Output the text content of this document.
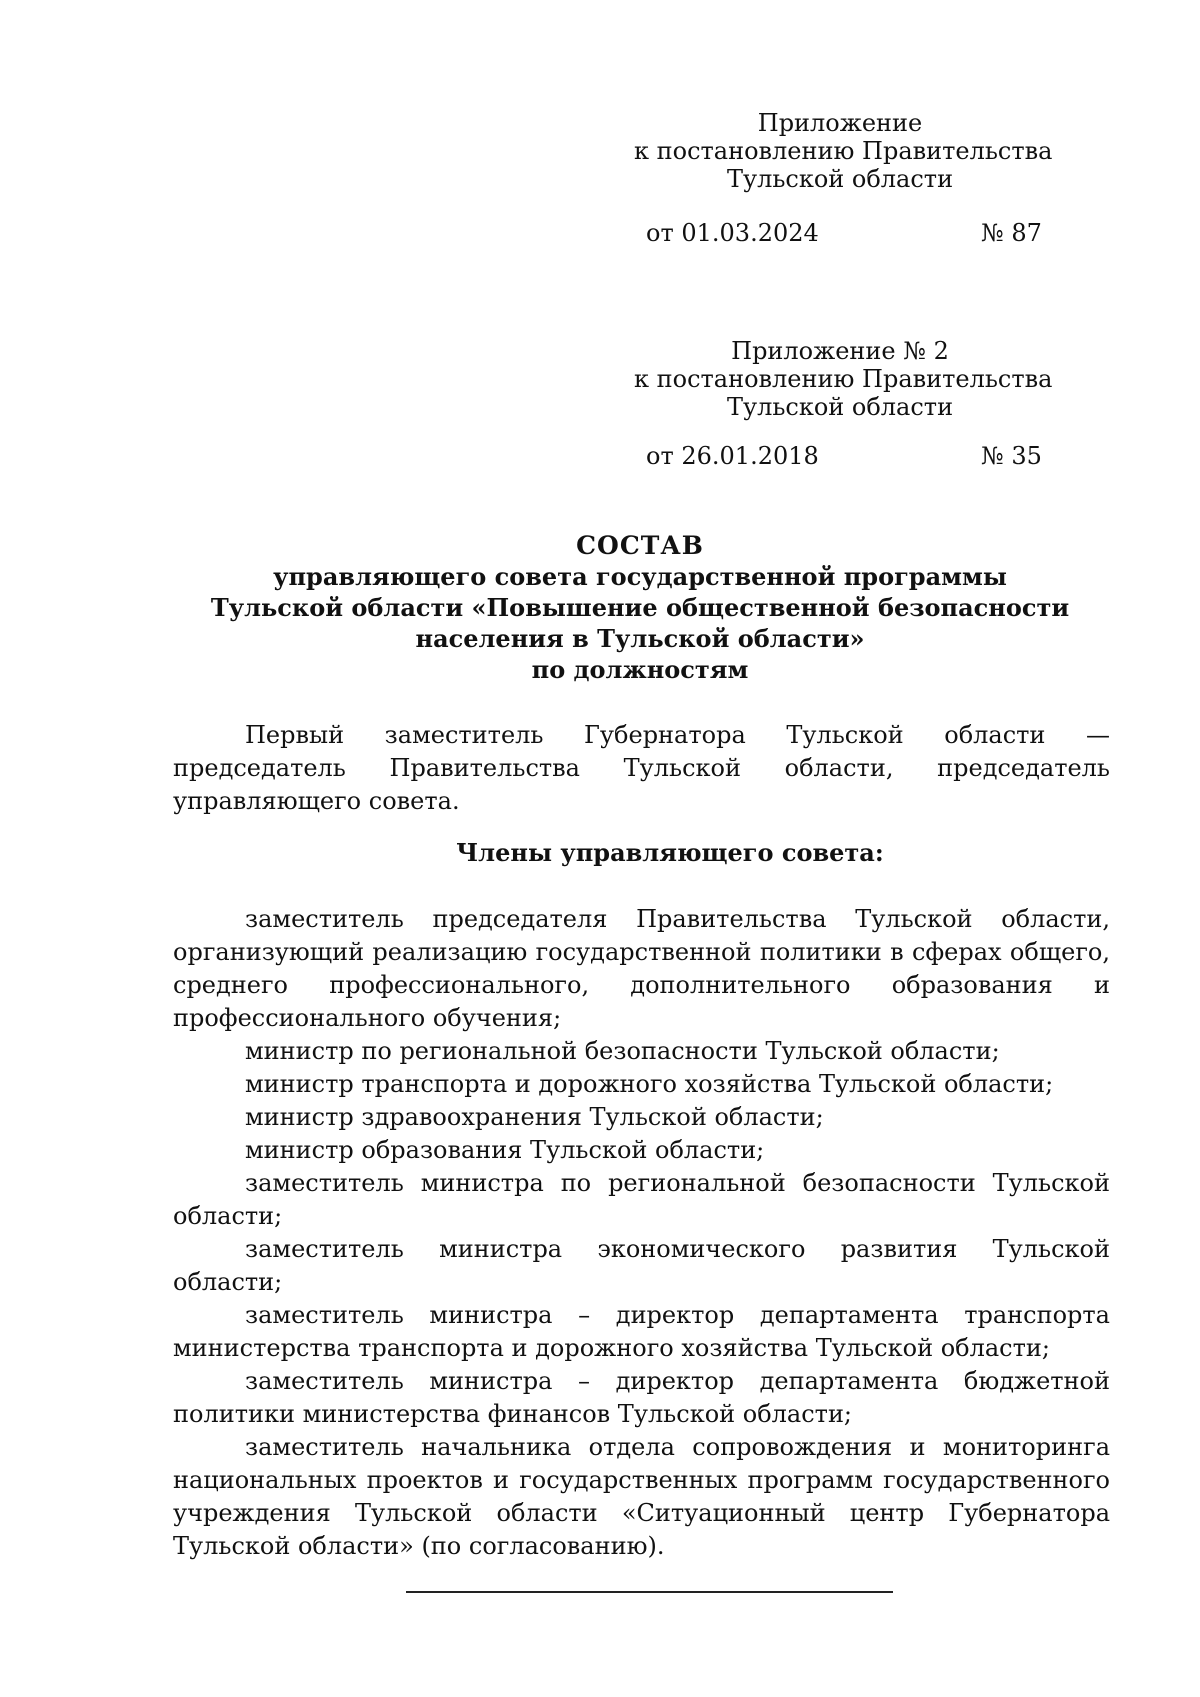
Приложение
к постановлению Правительства
Тульской области
от 01.03.2024	№ 87
Приложение № 2
к постановлению Правительства
Тульской области
от 26.01.2018	№ 35
СОСТАВ
управляющего совета государственной программы
Тульской области «Повышение общественной безопасности
населения в Тульской области»
по должностям

Первый заместитель Губернатора Тульской области — председатель Правительства Тульской области, председатель управляющего совета.

Члены управляющего совета:

заместитель председателя Правительства Тульской области, организующий реализацию государственной политики в сферах общего, среднего профессионального, дополнительного образования и профессионального обучения;

министр по региональной безопасности Тульской области;

министр транспорта и дорожного хозяйства Тульской области;

министр здравоохранения Тульской области;

министр образования Тульской области;

заместитель министра по региональной безопасности Тульской области;

заместитель министра экономического развития Тульской области;

заместитель министра – директор департамента транспорта министерства транспорта и дорожного хозяйства Тульской области;

заместитель министра – директор департамента бюджетной политики министерства финансов Тульской области;

заместитель начальника отдела сопровождения и мониторинга национальных проектов и государственных программ государственного учреждения Тульской области «Ситуационный центр Губернатора Тульской области» (по согласованию).
